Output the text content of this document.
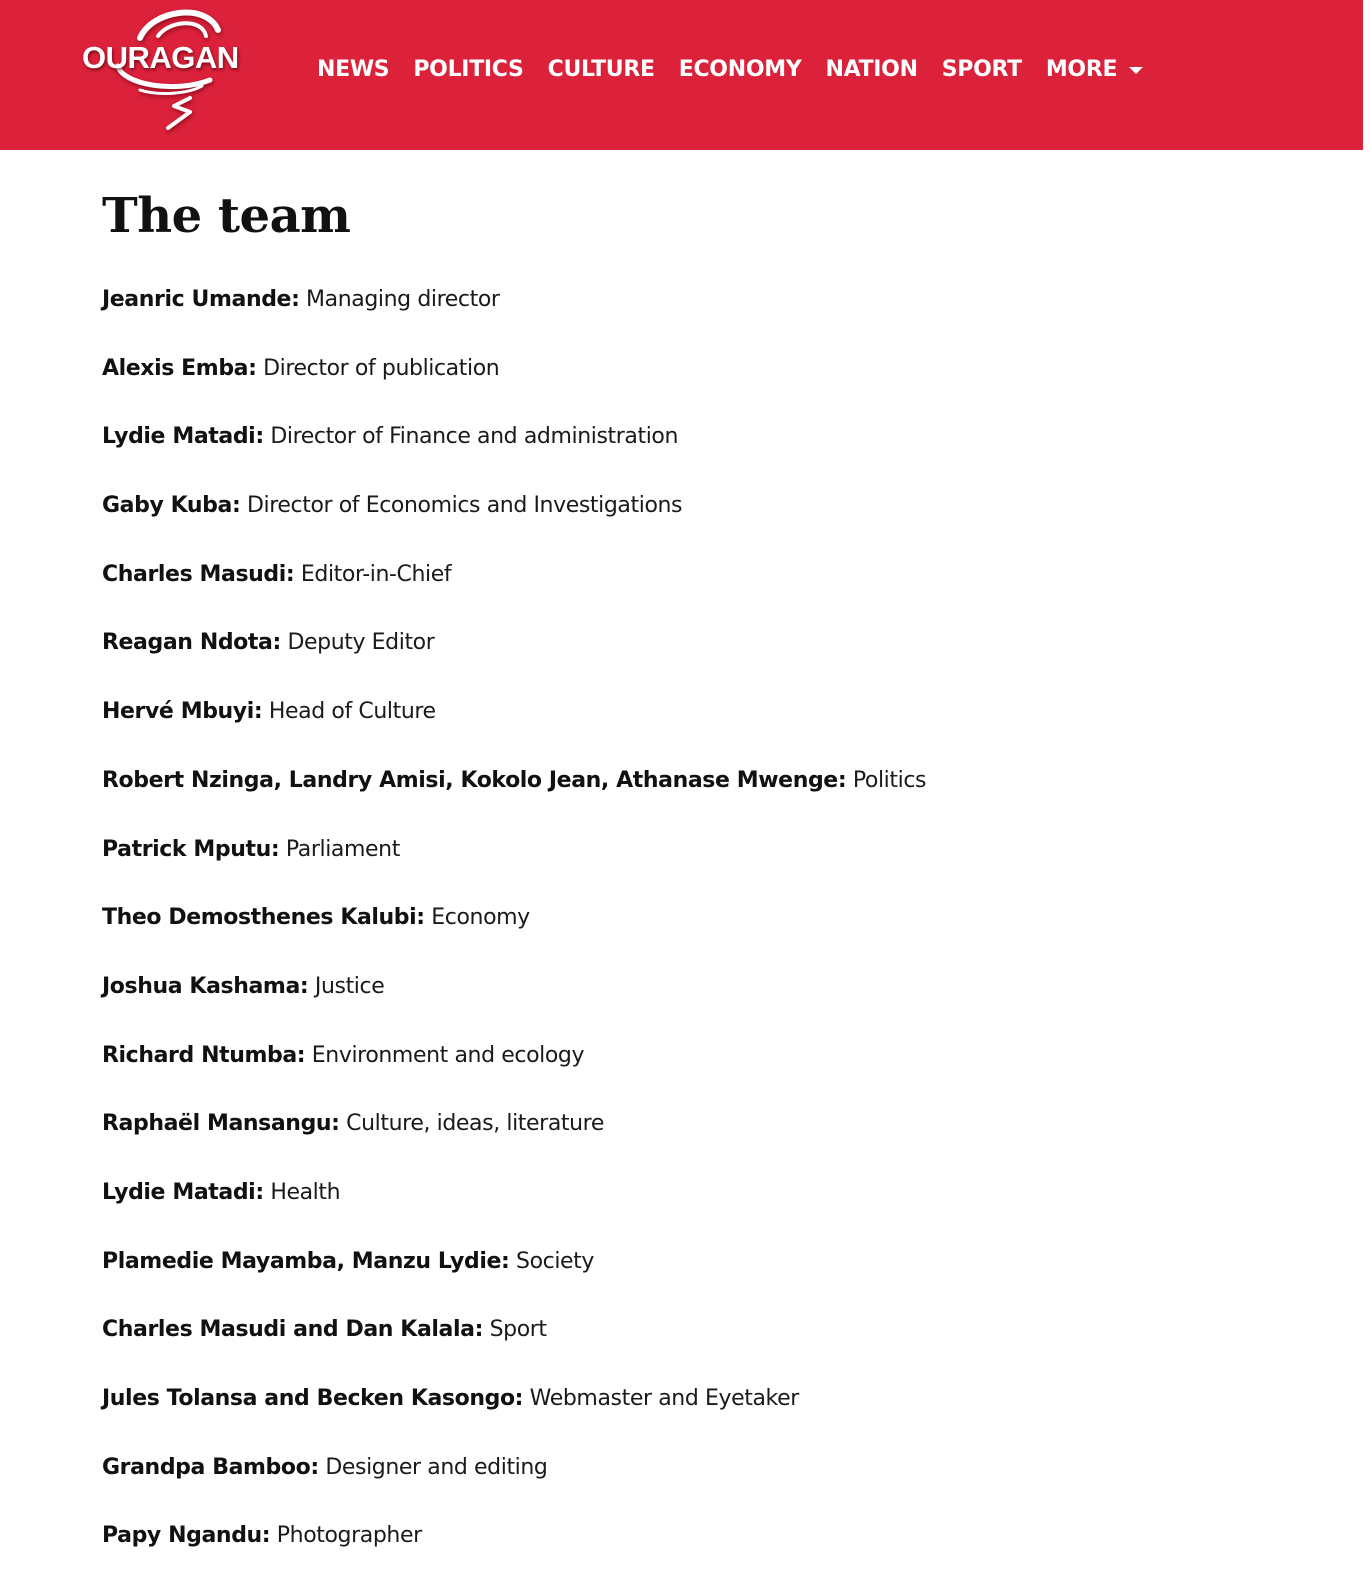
OURAGAN	NEWS POLITICS CULTURE ECONOMY NATION SPORT MORE
The team
Jeanric Umande: Managing director
Alexis Emba: Director of publication
Lydie Matadi: Director of Finance and administration
Gaby Kuba: Director of Economics and Investigations
Charles Masudi: Editor-in-Chief
Reagan Ndota: Deputy Editor
Hervé Mbuyi: Head of Culture
Robert Nzinga, Landry Amisi, Kokolo Jean, Athanase Mwenge: Politics
Patrick Mputu: Parliament
Theo Demosthenes Kalubi: Economy
Joshua Kashama: Justice
Richard Ntumba: Environment and ecology
Raphaël Mansangu: Culture, ideas, literature
Lydie Matadi: Health
Plamedie Mayamba, Manzu Lydie: Society
Charles Masudi and Dan Kalala: Sport
Jules Tolansa and Becken Kasongo: Webmaster and Eyetaker
Grandpa Bamboo: Designer and editing
Papy Ngandu: Photographer
